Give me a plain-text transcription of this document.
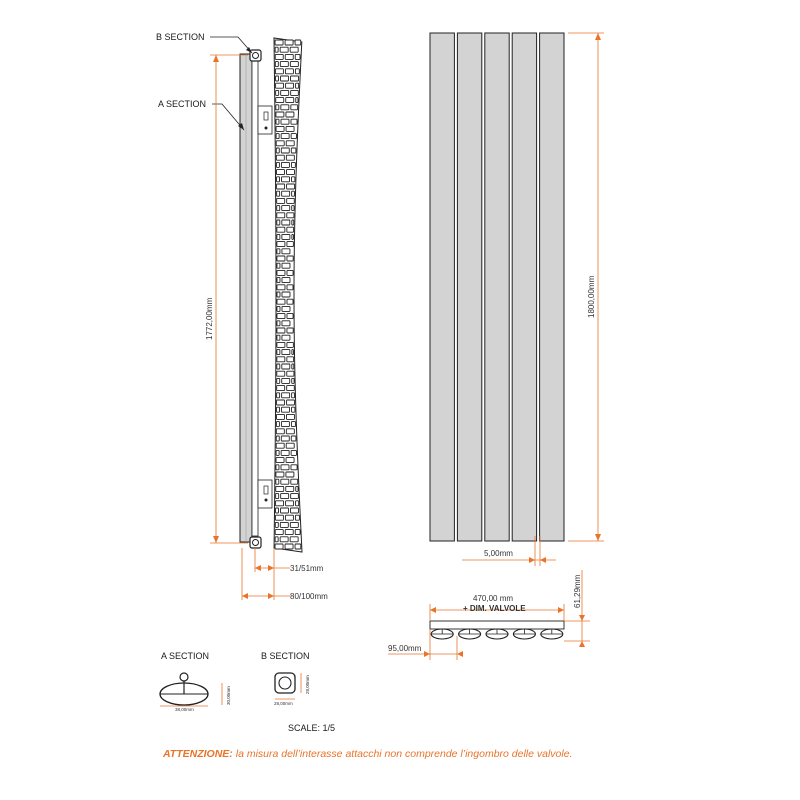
B SECTION
A SECTION
1772,00mm
31/51mm
80/100mm
1800,00mm
5,00mm
470,00 mm
+ DIM. VALVOLE
61,29mm
95,00mm
A SECTION
38,00mm
30,00mm
B SECTION
28,00mm
28,00mm
SCALE: 1/5
ATTENZIONE: la misura dell’interasse attacchi non comprende l’ingombro delle valvole.
